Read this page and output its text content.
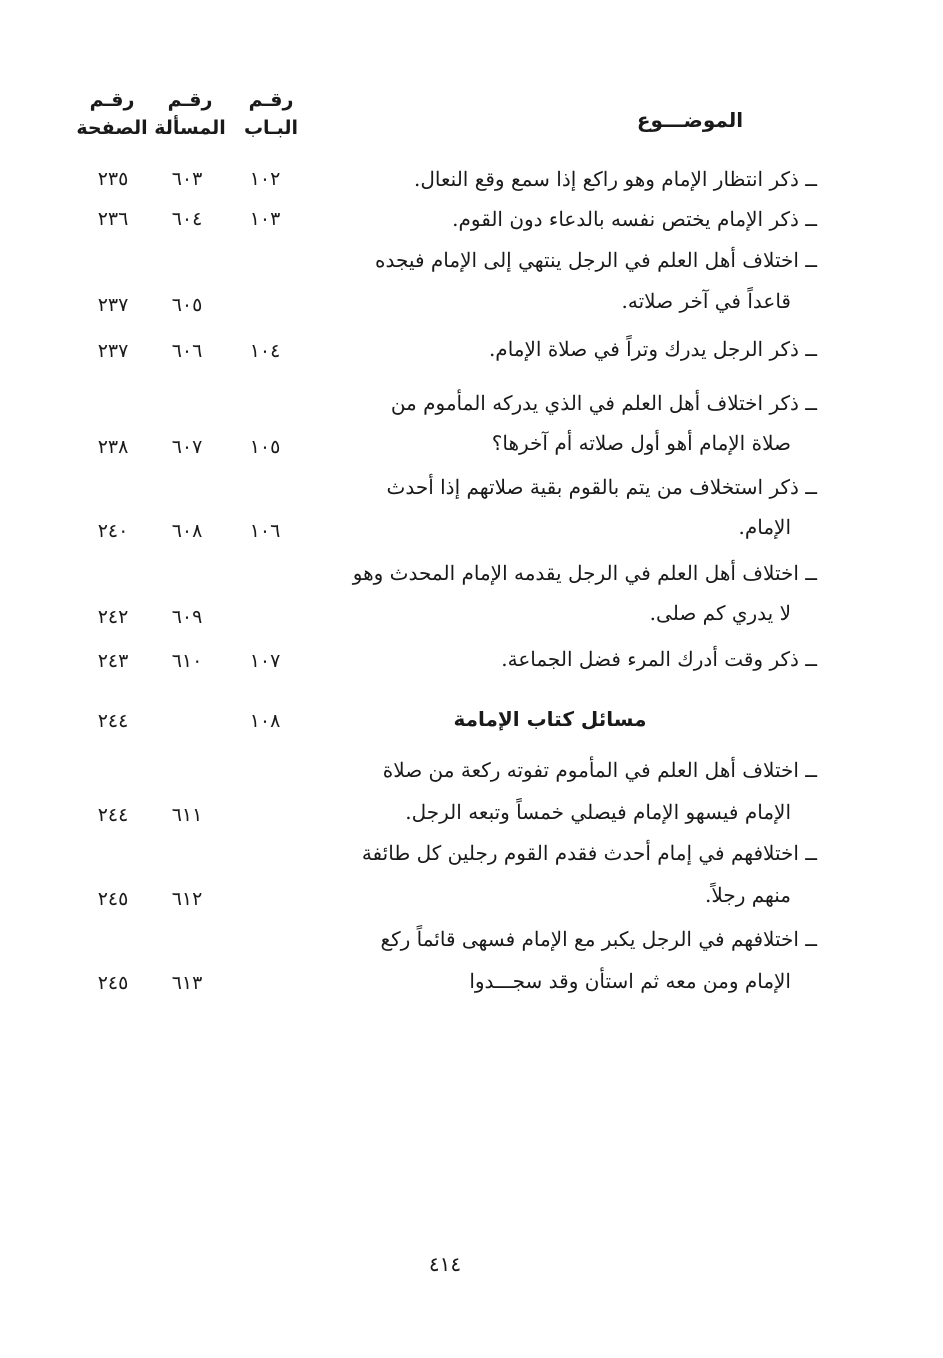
رقـم
الصفحة
رقـم
المسألة
رقـم
البـاب	الموضـــوع
ــ ذكر انتظار الإمام وهو راكع إذا سمع وقع النعال.
١٠٢
٦٠٣
٢٣٥
ــ ذكر الإمام يختص نفسه بالدعاء دون القوم.
١٠٣
٦٠٤
٢٣٦
ــ اختلاف أهل العلم في الرجل ينتهي إلى الإمام فيجده
قاعداً في آخر صلاته.
٦٠٥
٢٣٧
ــ ذكر الرجل يدرك وتراً في صلاة الإمام.
١٠٤
٦٠٦
٢٣٧
ــ ذكر اختلاف أهل العلم في الذي يدركه المأموم من
صلاة الإمام أهو أول صلاته أم آخرها؟
١٠٥
٦٠٧
٢٣٨
ــ ذكر استخلاف من يتم بالقوم بقية صلاتهم إذا أحدث
الإمام.
١٠٦
٦٠٨
٢٤٠
ــ اختلاف أهل العلم في الرجل يقدمه الإمام المحدث وهو
لا يدري كم صلى.
٦٠٩
٢٤٢
ــ ذكر وقت أدرك المرء فضل الجماعة.
١٠٧
٦١٠
٢٤٣
مسائل كتاب الإمامة
١٠٨
٢٤٤
ــ اختلاف أهل العلم في المأموم تفوته ركعة من صلاة
الإمام فيسهو الإمام فيصلي خمساً وتبعه الرجل.
٦١١
٢٤٤
ــ اختلافهم في إمام أحدث فقدم القوم رجلين كل طائفة
منهم رجلاً.
٦١٢
٢٤٥
ــ اختلافهم في الرجل يكبر مع الإمام فسهى قائماً ركع
الإمام ومن معه ثم استأن وقد سجـــدوا
٦١٣
٢٤٥
٤١٤
